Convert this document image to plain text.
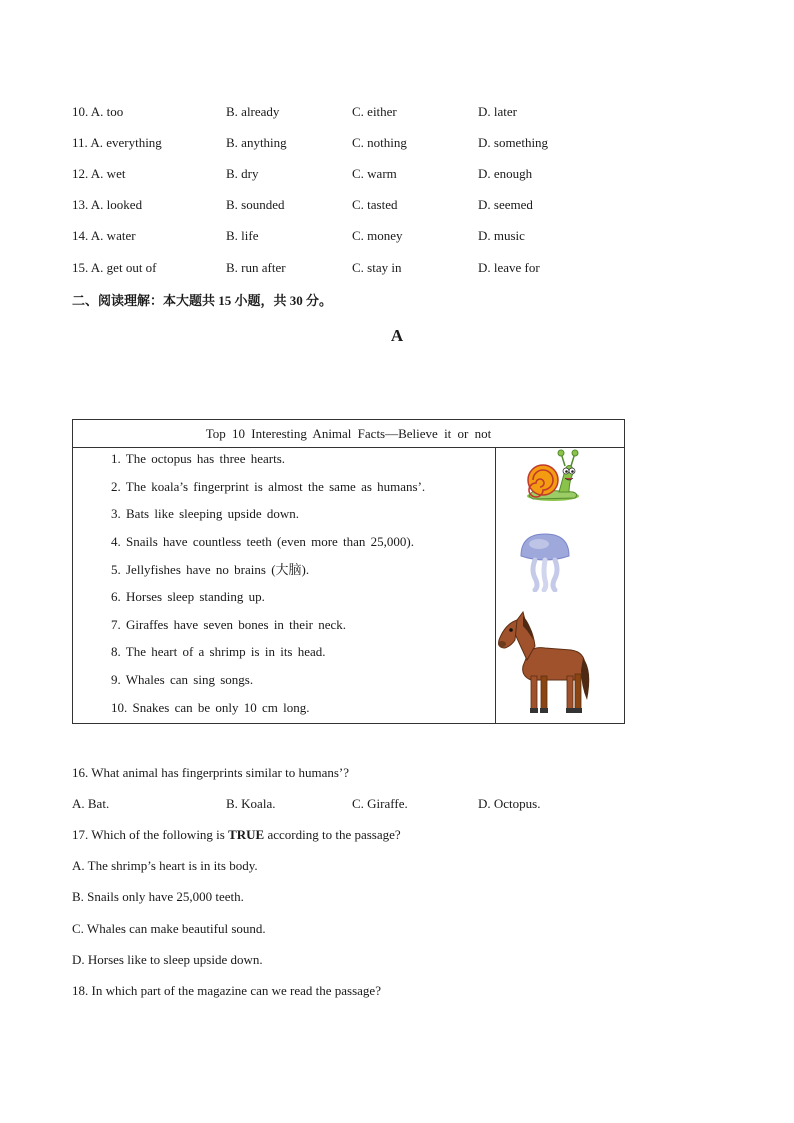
10. A. too	B. already	C. either	D. later
11. A. everything	B. anything	C. nothing	D. something
12. A. wet	B. dry	C. warm	D. enough
13. A. looked	B. sounded	C. tasted	D. seemed
14. A. water	B. life	C. money	D. music
15. A. get out of	B. run after	C. stay in	D. leave for
二、阅读理解：本大题共 15 小题，共 30 分。
A
Top 10 Interesting Animal Facts—Believe it or not
1. The octopus has three hearts.
2. The koala’s fingerprint is almost the same as humans’.
3. Bats like sleeping upside down.
4. Snails have countless teeth (even more than 25,000).
5. Jellyfishes have no brains (大脑).
6. Horses sleep standing up.
7. Giraffes have seven bones in their neck.
8. The heart of a shrimp is in its head.
9. Whales can sing songs.
10. Snakes can be only 10 cm long.
16. What animal has fingerprints similar to humans’?
A. Bat.	B. Koala.	C. Giraffe.	D. Octopus.
17. Which of the following is TRUE according to the passage?
A. The shrimp’s heart is in its body.
B. Snails only have 25,000 teeth.
C. Whales can make beautiful sound.
D. Horses like to sleep upside down.
18. In which part of the magazine can we read the passage?
